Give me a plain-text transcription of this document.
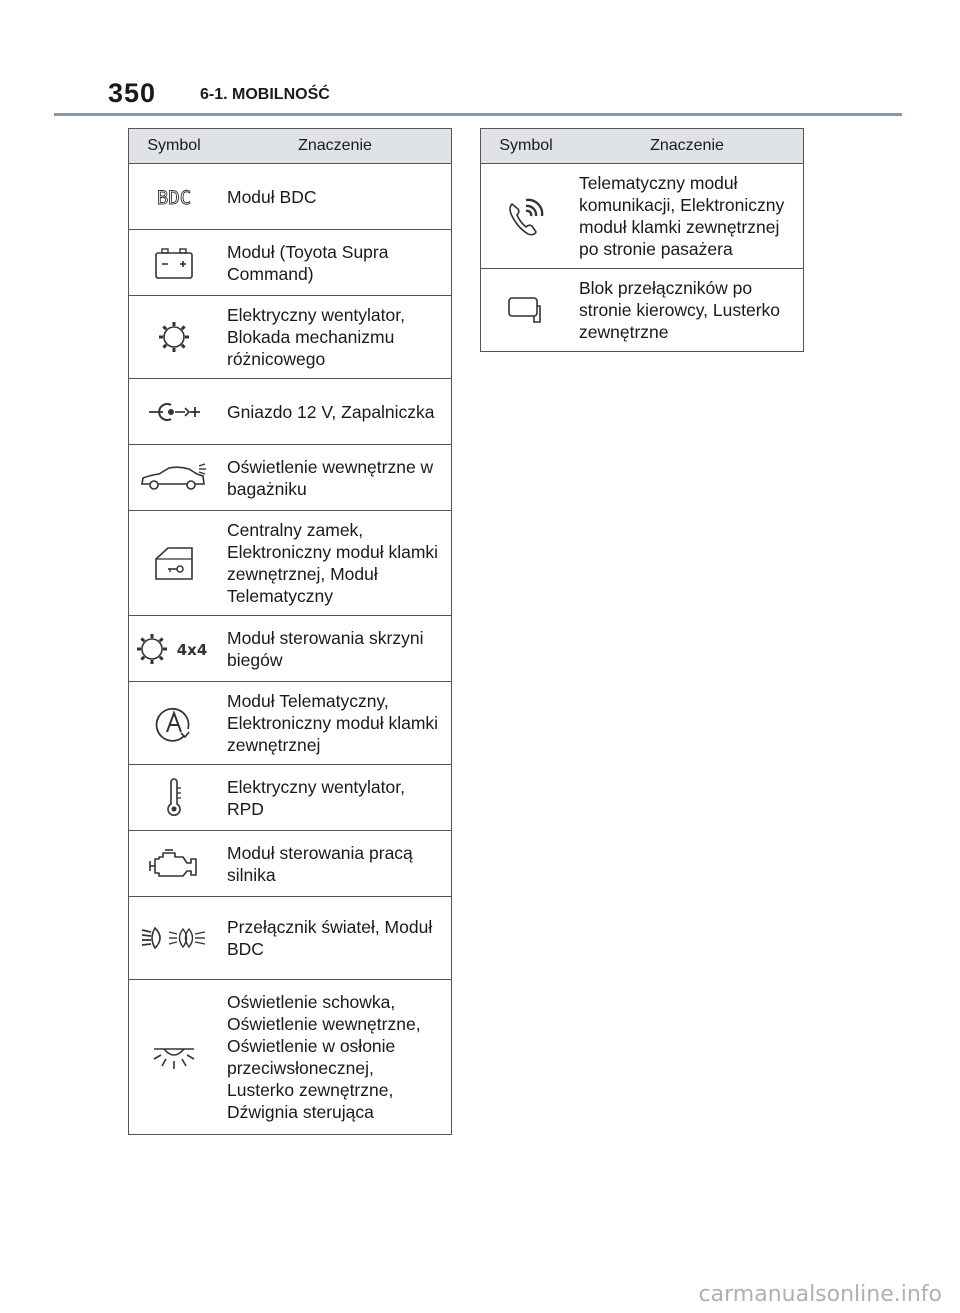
350	6-1. MOBILNOŚĆ
Symbol	Znaczenie

BDC	Moduł BDC
	Moduł (Toyota Supra Command)
	Elektryczny wentylator, Blokada mechanizmu różnicowego
	Gniazdo 12 V, Zapalniczka
	Oświetlenie wewnętrzne w bagażniku
	Centralny zamek, Elektroniczny moduł klamki zewnętrznej, Moduł Telematyczny

4x4	Moduł sterowania skrzyni biegów
	Moduł Telematyczny, Elektroniczny moduł klamki zewnętrznej
	Elektryczny wentylator, RPD
	Moduł sterowania pracą silnika
	Przełącznik świateł, Moduł BDC
	Oświetlenie schowka, Oświetlenie wewnętrzne, Oświetlenie w osłonie przeciwsłonecznej, Lusterko zewnętrzne, Dźwignia sterująca
Symbol	Znaczenie
	Telematyczny moduł komunikacji, Elektroniczny moduł klamki zewnętrznej po stronie pasażera
	Blok przełączników po stronie kierowcy, Lusterko zewnętrzne
carmanualsonline.info
